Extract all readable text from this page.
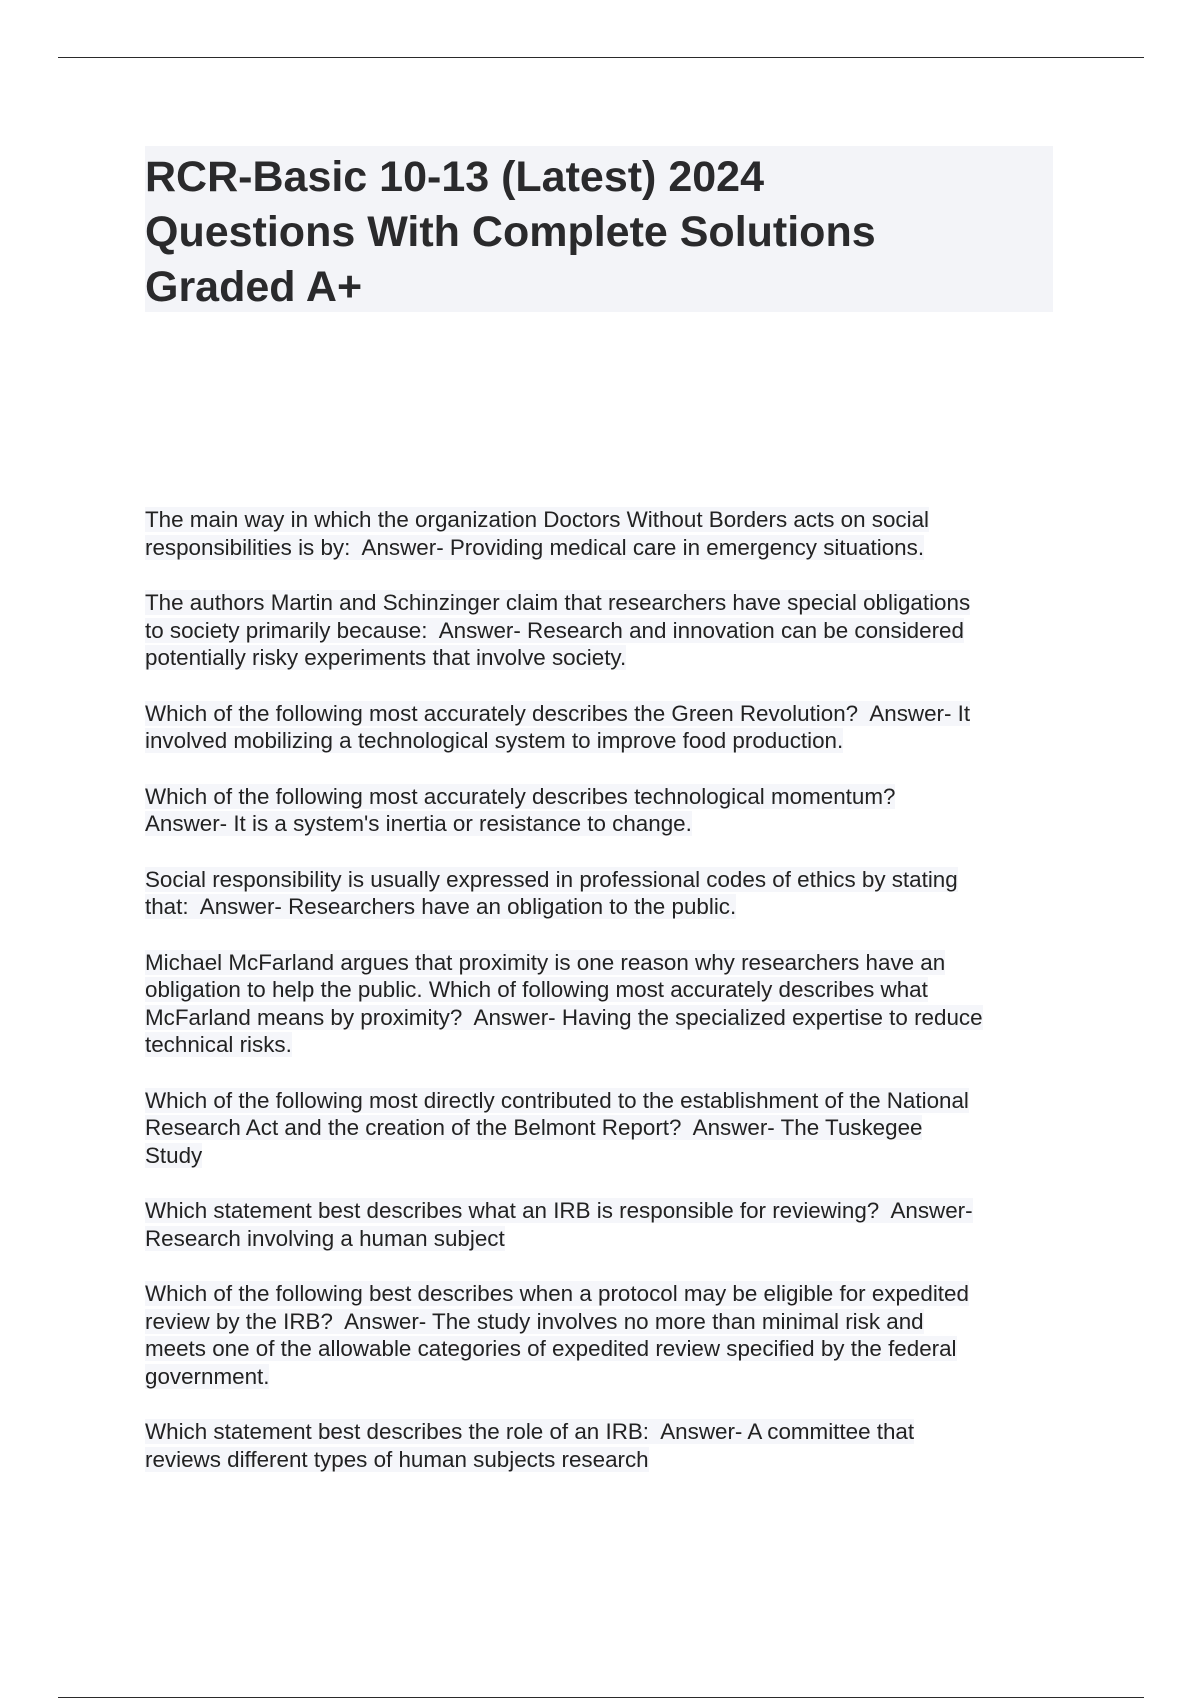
RCR-Basic 10-13 (Latest) 2024
Questions With Complete Solutions
Graded A+

The main way in which the organization Doctors Without Borders acts on social
responsibilities is by:  Answer- Providing medical care in emergency situations.

The authors Martin and Schinzinger claim that researchers have special obligations
to society primarily because:  Answer- Research and innovation can be considered
potentially risky experiments that involve society.

Which of the following most accurately describes the Green Revolution?  Answer- It
involved mobilizing a technological system to improve food production.

Which of the following most accurately describes technological momentum?
Answer- It is a system's inertia or resistance to change.

Social responsibility is usually expressed in professional codes of ethics by stating
that:  Answer- Researchers have an obligation to the public.

Michael McFarland argues that proximity is one reason why researchers have an
obligation to help the public. Which of following most accurately describes what
McFarland means by proximity?  Answer- Having the specialized expertise to reduce
technical risks.

Which of the following most directly contributed to the establishment of the National
Research Act and the creation of the Belmont Report?  Answer- The Tuskegee
Study

Which statement best describes what an IRB is responsible for reviewing?  Answer-
Research involving a human subject

Which of the following best describes when a protocol may be eligible for expedited
review by the IRB?  Answer- The study involves no more than minimal risk and
meets one of the allowable categories of expedited review specified by the federal
government.

Which statement best describes the role of an IRB:  Answer- A committee that
reviews different types of human subjects research
